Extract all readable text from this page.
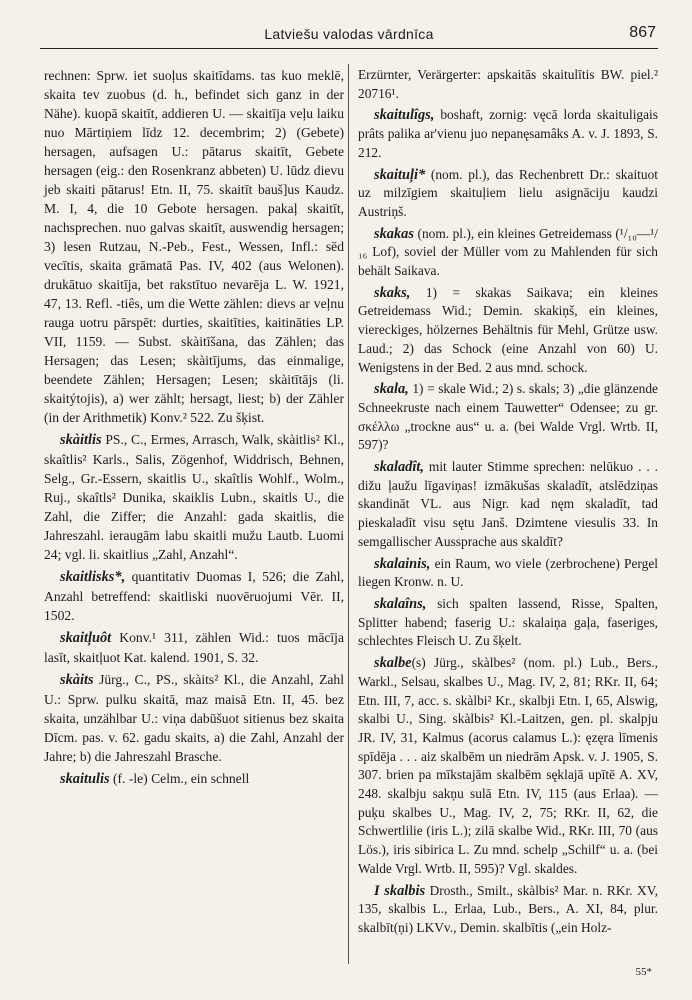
Latviešu valodas vārdnīca	867

rechnen: Sprw. iet suoļus skaitīdams. tas kuo meklē, skaita tev zuobus (d. h., befindet sich ganz in der Nähe). kuopā skaitīt, addieren U. — skaitīja veļu laiku nuo Mārtiņiem līdz 12. decembrim; 2) (Gebete) hersagen, aufsagen U.: pātarus skaitīt, Gebete hersagen (eig.: den Rosenkranz abbeten) U. lūdz dievu jeb skaiti pātarus! Etn. II, 75. skaitīt bauš]us Kaudz. M. I, 4, die 10 Gebote hersagen. pakaļ skaitīt, nachsprechen. nuo galvas skaitīt, auswendig hersagen; 3) lesen Rutzau, N.-Peb., Fest., Wessen, Infl.: sēd vecītis, skaita grāmatā Pas. IV, 402 (aus Welonen). drukātuo skaitīja, bet rakstītuo nevarēja L. W. 1921, 47, 13. Refl. -tiês, um die Wette zählen: dievs ar veļnu rauga uotru pārspēt: durties, skaitīties, kaitināties LP. VII, 1159. — Subst. skàitīšana, das Zählen; das Hersagen; das Lesen; skàitījums, das einmalige, beendete Zählen; Hersagen; Lesen; skàitītājs (li. skaitýtojis), a) wer zählt; hersagt, liest; b) der Zähler (in der Arithmetik) Konv.² 522. Zu šķist.

skàitlis PS., C., Ermes, Arrasch, Walk, skàitlis² Kl., skaîtlis² Karls., Salis, Zögenhof, Widdrisch, Behnen, Selg., Gr.-Essern, skaitlis U., skaîtlis Wohlf., Wolm., Ruj., skaîtls² Dunika, skaiklis Lubn., skaitls U., die Zahl, die Ziffer; die Anzahl: gada skaitlis, die Jahreszahl. ieraugām labu skaitli mužu Lautb. Luomi 24; vgl. li. skaitlius „Zahl, Anzahl“.

skaitlisks*, quantitativ Duomas I, 526; die Zahl, Anzahl betreffend: skaitliski nuovēruojumi Vēr. II, 1502.

skaitļuôt Konv.¹ 311, zählen Wid.: tuos mācīja lasīt, skaitļuot Kat. kalend. 1901, S. 32.

skàits Jürg., C., PS., skàits² Kl., die Anzahl, Zahl U.: Sprw. pulku skaitā, maz maisā Etn. II, 45. bez skaita, unzählbar U.: viņa dabūšuot sitienus bez skaita Dīcm. pas. v. 62. gadu skaits, a) die Zahl, Anzahl der Jahre; b) die Jahreszahl Brasche.

skaitulis (f. -le) Celm., ein schnell

Erzürnter, Verärgerter: apskaitās skaitulītis BW. piel.² 20716¹.

skaitulîgs, boshaft, zornig: vęcā lorda skaituligais prâts palika ar'vienu juo nepanęsamâks A. v. J. 1893, S. 212.

skaituļi* (nom. pl.), das Rechenbrett Dr.: skaituot uz milzīgiem skaituļiem lielu asignāciju kaudzi Austriņš.

skakas (nom. pl.), ein kleines Getreidemass (¹/₁₀—¹/₁₆ Lof), soviel der Müller vom zu Mahlenden für sich behält Saikava.

skaks, 1) = skakas Saikava; ein kleines Getreidemass Wid.; Demin. skakiņš, ein kleines, viereckiges, hölzernes Behältnis für Mehl, Grütze usw. Laud.; 2) das Schock (eine Anzahl von 60) U. Wenigstens in der Bed. 2 aus mnd. schock.

skala, 1) = skale Wid.; 2) s. skals; 3) „die glänzende Schneekruste nach einem Tauwetter“ Odensee; zu gr. σκέλλω „trockne aus“ u. a. (bei Walde Vrgl. Wrtb. II, 597)?

skaladît, mit lauter Stimme sprechen: nelūkuo . . . dižu ļaužu līgaviņas! izmākušas skaladīt, atslēdziņas skandināt VL. aus Nigr. kad nęm skaladīt, tad pieskaladīt visu sętu Janš. Dzimtene viesulis 33. In semgallischer Aussprache aus skaldīt?

skalainis, ein Raum, wo viele (zerbrochene) Pergel liegen Kronw. n. U.

skalaîns, sich spalten lassend, Risse, Spalten, Splitter habend; faserig U.: skalaiņa gaļa, faseriges, schlechtes Fleisch U. Zu šķelt.

skalbe(s) Jürg., skàlbes² (nom. pl.) Lub., Bers., Warkl., Selsau, skalbes U., Mag. IV, 2, 81; RKr. II, 64; Etn. III, 7, acc. s. skàlbi² Kr., skalbji Etn. I, 65, Alswig, skalbi U., Sing. skàlbis² Kl.-Laitzen, gen. pl. skalpju JR. IV, 31, Kalmus (acorus calamus L.): ęzęra līmenis spīdēja . . . aiz skalbēm un niedrām Apsk. v. J. 1905, S. 307. brien pa mīkstajām skalbēm sęklajā upītē A. XV, 248. skalbju sakņu sulā Etn. IV, 115 (aus Erlaa). — puķu skalbes U., Mag. IV, 2, 75; RKr. II, 62, die Schwertlilie (iris L.); zilā skalbe Wid., RKr. III, 70 (aus Lös.), iris sibirica L. Zu mnd. schelp „Schilf“ u. a. (bei Walde Vrgl. Wrtb. II, 595)? Vgl. skaldes.

I skalbis Drosth., Smilt., skàlbis² Mar. n. RKr. XV, 135, skalbis L., Erlaa, Lub., Bers., A. XI, 84, plur. skalbīt(ņi) LKVv., Demin. skalbītis („ein Holz-

55*
